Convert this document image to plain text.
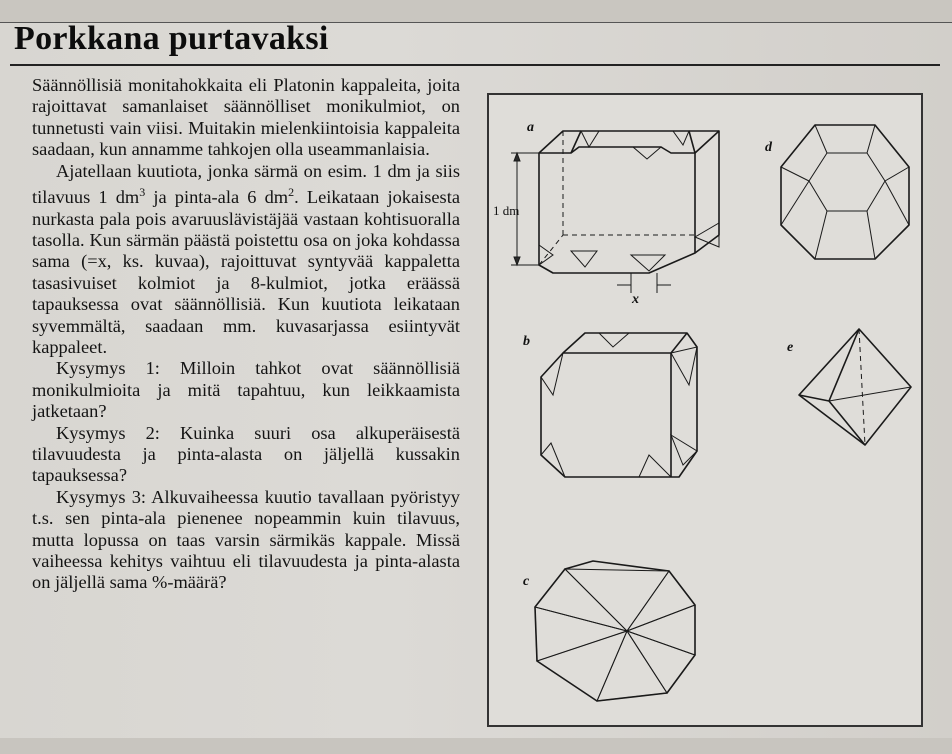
Porkkana purtavaksi

Säännöllisiä monitahokkaita eli Platonin kappaleita, joita rajoittavat samanlaiset säännölliset monikulmiot, on tunnetusti vain viisi. Muitakin mielenkiintoisia kappaleita saadaan, kun annamme tahkojen olla useammanlaisia.

Ajatellaan kuutiota, jonka särmä on esim. 1 dm ja siis tilavuus 1 $dm^3$ ja pinta-ala 6 $dm^2$. Leikataan jokaisesta nurkasta pala pois avaruuslävistäjää vastaan kohtisuoralla tasolla. Kun särmän päästä poistettu osa on joka kohdassa sama (=x, ks. kuvaa), rajoittuvat syntyvää kappaletta tasasivuiset kolmiot ja 8-kulmiot, jotka eräässä tapauksessa ovat säännöllisiä. Kun kuutiota leikataan syvemmältä, saadaan mm. kuvasarjassa esiintyvät kappaleet.

Kysymys 1: Milloin tahkot ovat säännöllisiä monikulmioita ja mitä tapahtuu, kun leikkaamista jatketaan?

Kysymys 2: Kuinka suuri osa alkuperäisestä tilavuudesta ja pinta-alasta on jäljellä kussakin tapauksessa?

Kysymys 3: Alkuvaiheessa kuutio tavallaan pyöristyy t.s. sen pinta-ala pienenee nopeammin kuin tilavuus, mutta lopussa on taas varsin särmikäs kappale. Missä vaiheessa kehitys vaihtuu eli tilavuudesta ja pinta-alasta on jäljellä sama %-määrä?

1 dm
x
a
d
b	e
c
